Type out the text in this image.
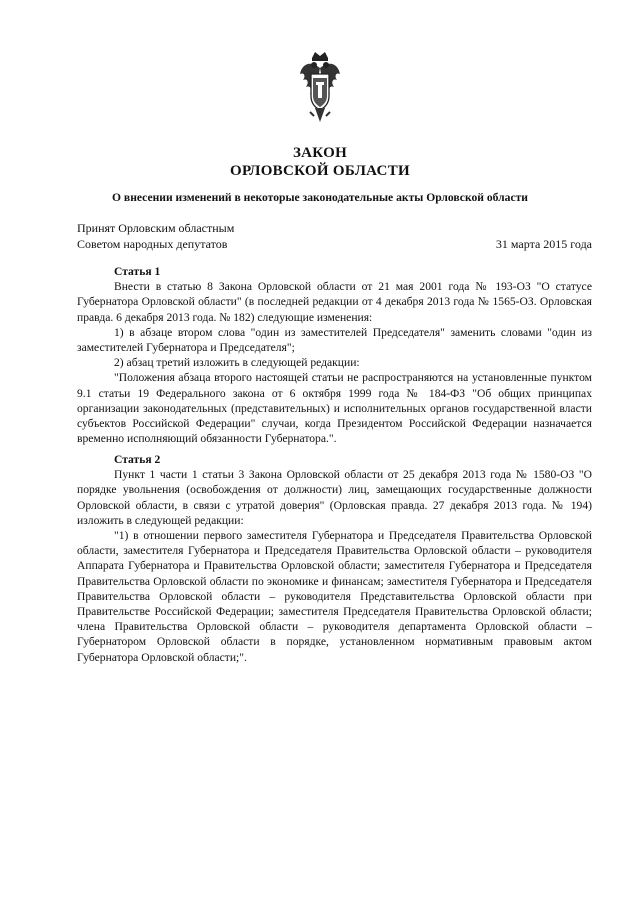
ЗАКОН
ОРЛОВСКОЙ ОБЛАСТИ
О внесении изменений в некоторые законодательные акты Орловской области
Принят Орловским областным
Советом народных депутатов	31 марта 2015 года
Статья 1

Внести в статью 8 Закона Орловской области от 21 мая 2001 года № 193-ОЗ "О статусе Губернатора Орловской области" (в последней редакции от 4 декабря 2013 года № 1565-ОЗ. Орловская правда. 6 декабря 2013 года. № 182) следующие изменения:

1) в абзаце втором слова "один из заместителей Председателя" заменить словами "один из заместителей Губернатора и Председателя";

2) абзац третий изложить в следующей редакции:

"Положения абзаца второго настоящей статьи не распространяются на установленные пунктом 9.1 статьи 19 Федерального закона от 6 октября 1999 года № 184-ФЗ "Об общих принципах организации законодательных (представительных) и исполнительных органов государственной власти субъектов Российской Федерации" случаи, когда Президентом Российской Федерации назначается временно исполняющий обязанности Губернатора.".

Статья 2

Пункт 1 части 1 статьи 3 Закона Орловской области от 25 декабря 2013 года № 1580-ОЗ "О порядке увольнения (освобождения от должности) лиц, замещающих государственные должности Орловской области, в связи с утратой доверия" (Орловская правда. 27 декабря 2013 года. № 194) изложить в следующей редакции:

"1) в отношении первого заместителя Губернатора и Председателя Правительства Орловской области, заместителя Губернатора и Председателя Правительства Орловской области – руководителя Аппарата Губернатора и Правительства Орловской области; заместителя Губернатора и Председателя Правительства Орловской области по экономике и финансам; заместителя Губернатора и Председателя Правительства Орловской области – руководителя Представительства Орловской области при Правительстве Российской Федерации; заместителя Председателя Правительства Орловской области; члена Правительства Орловской области – руководителя департамента Орловской области – Губернатором Орловской области в порядке, установленном нормативным правовым актом Губернатора Орловской области;".
